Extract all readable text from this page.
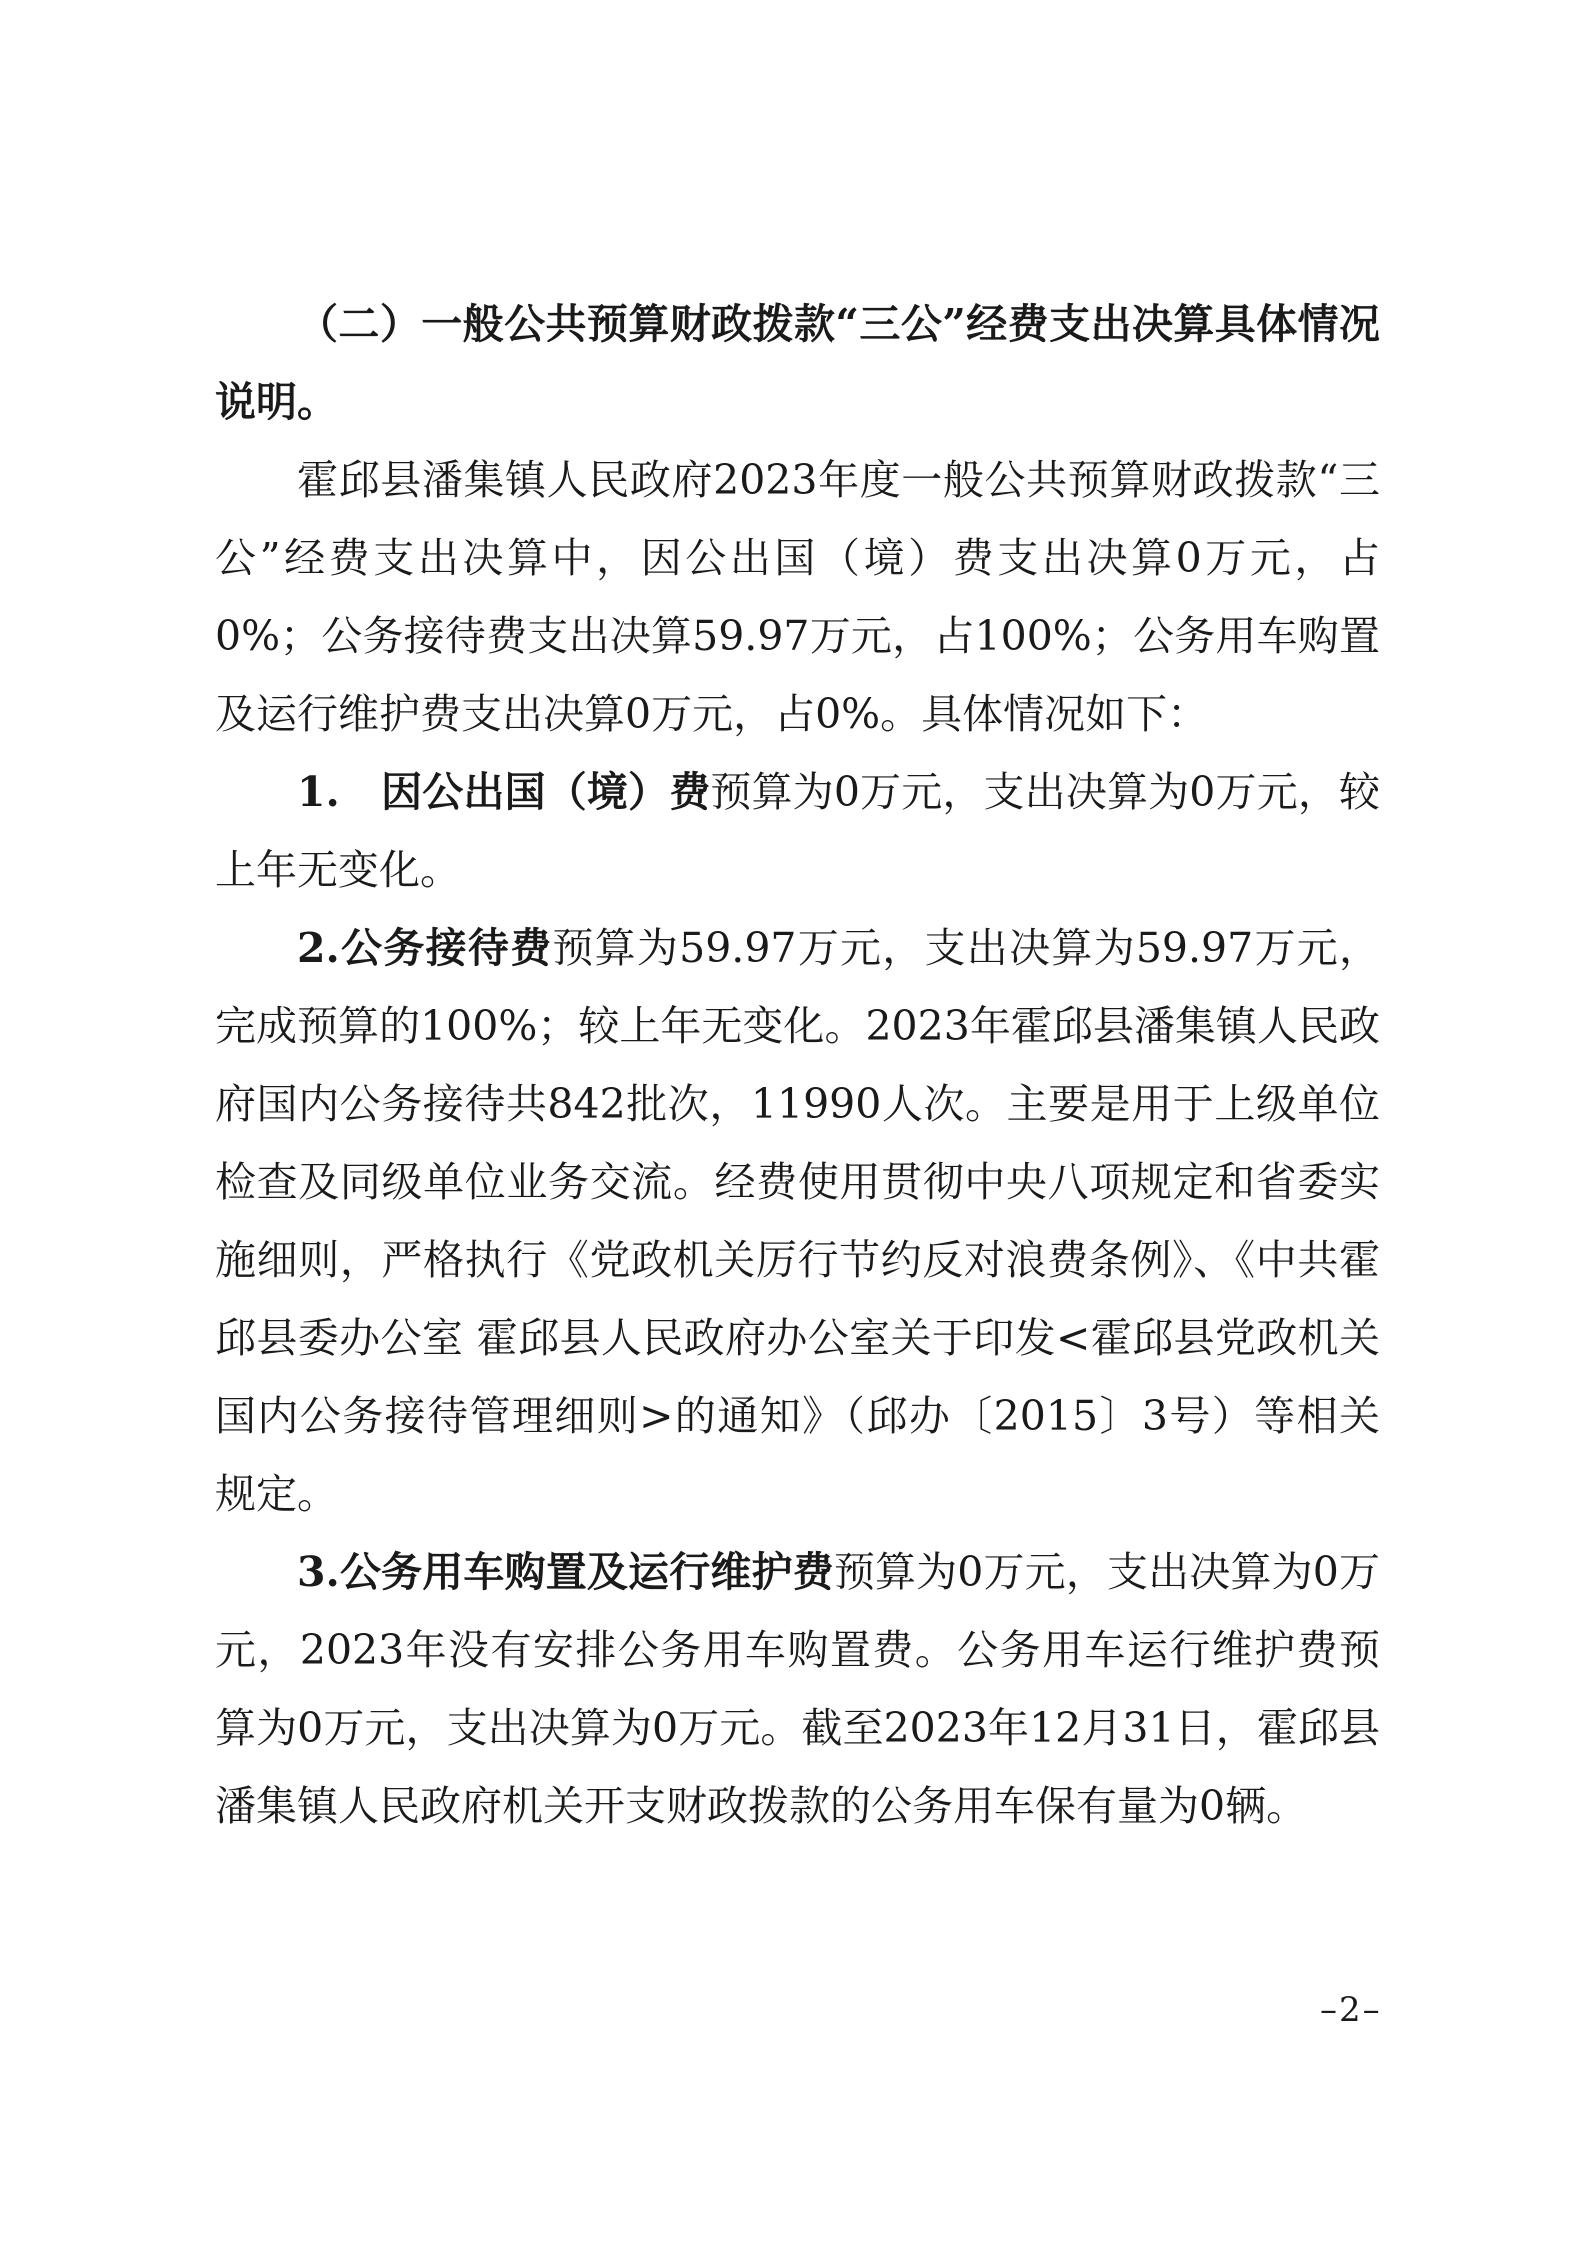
（二）一般公共预算财政拨款“三公”经费支出决算具体情况说明。

霍邱县潘集镇人民政府2023年度一般公共预算财政拨款“三公”经费支出决算中，因公出国（境）费支出决算0万元，占0%；公务接待费支出决算59.97万元，占100%；公务用车购置及运行维护费支出决算0万元，占0%。具体情况如下：

1.　因公出国（境）费预算为0万元，支出决算为0万元，较上年无变化。

2.公务接待费预算为59.97万元，支出决算为59.97万元，完成预算的100%；较上年无变化。2023年霍邱县潘集镇人民政府国内公务接待共842批次，11990人次。主要是用于上级单位检查及同级单位业务交流。经费使用贯彻中央八项规定和省委实施细则，严格执行《党政机关厉行节约反对浪费条例》、《中共霍邱县委办公室 霍邱县人民政府办公室关于印发<霍邱县党政机关国内公务接待管理细则>的通知》（邱办〔2015〕3号）等相关规定。

3.公务用车购置及运行维护费预算为0万元，支出决算为0万元，2023年没有安排公务用车购置费。公务用车运行维护费预算为0万元，支出决算为0万元。截至2023年12月31日，霍邱县潘集镇人民政府机关开支财政拨款的公务用车保有量为0辆。

–2–
